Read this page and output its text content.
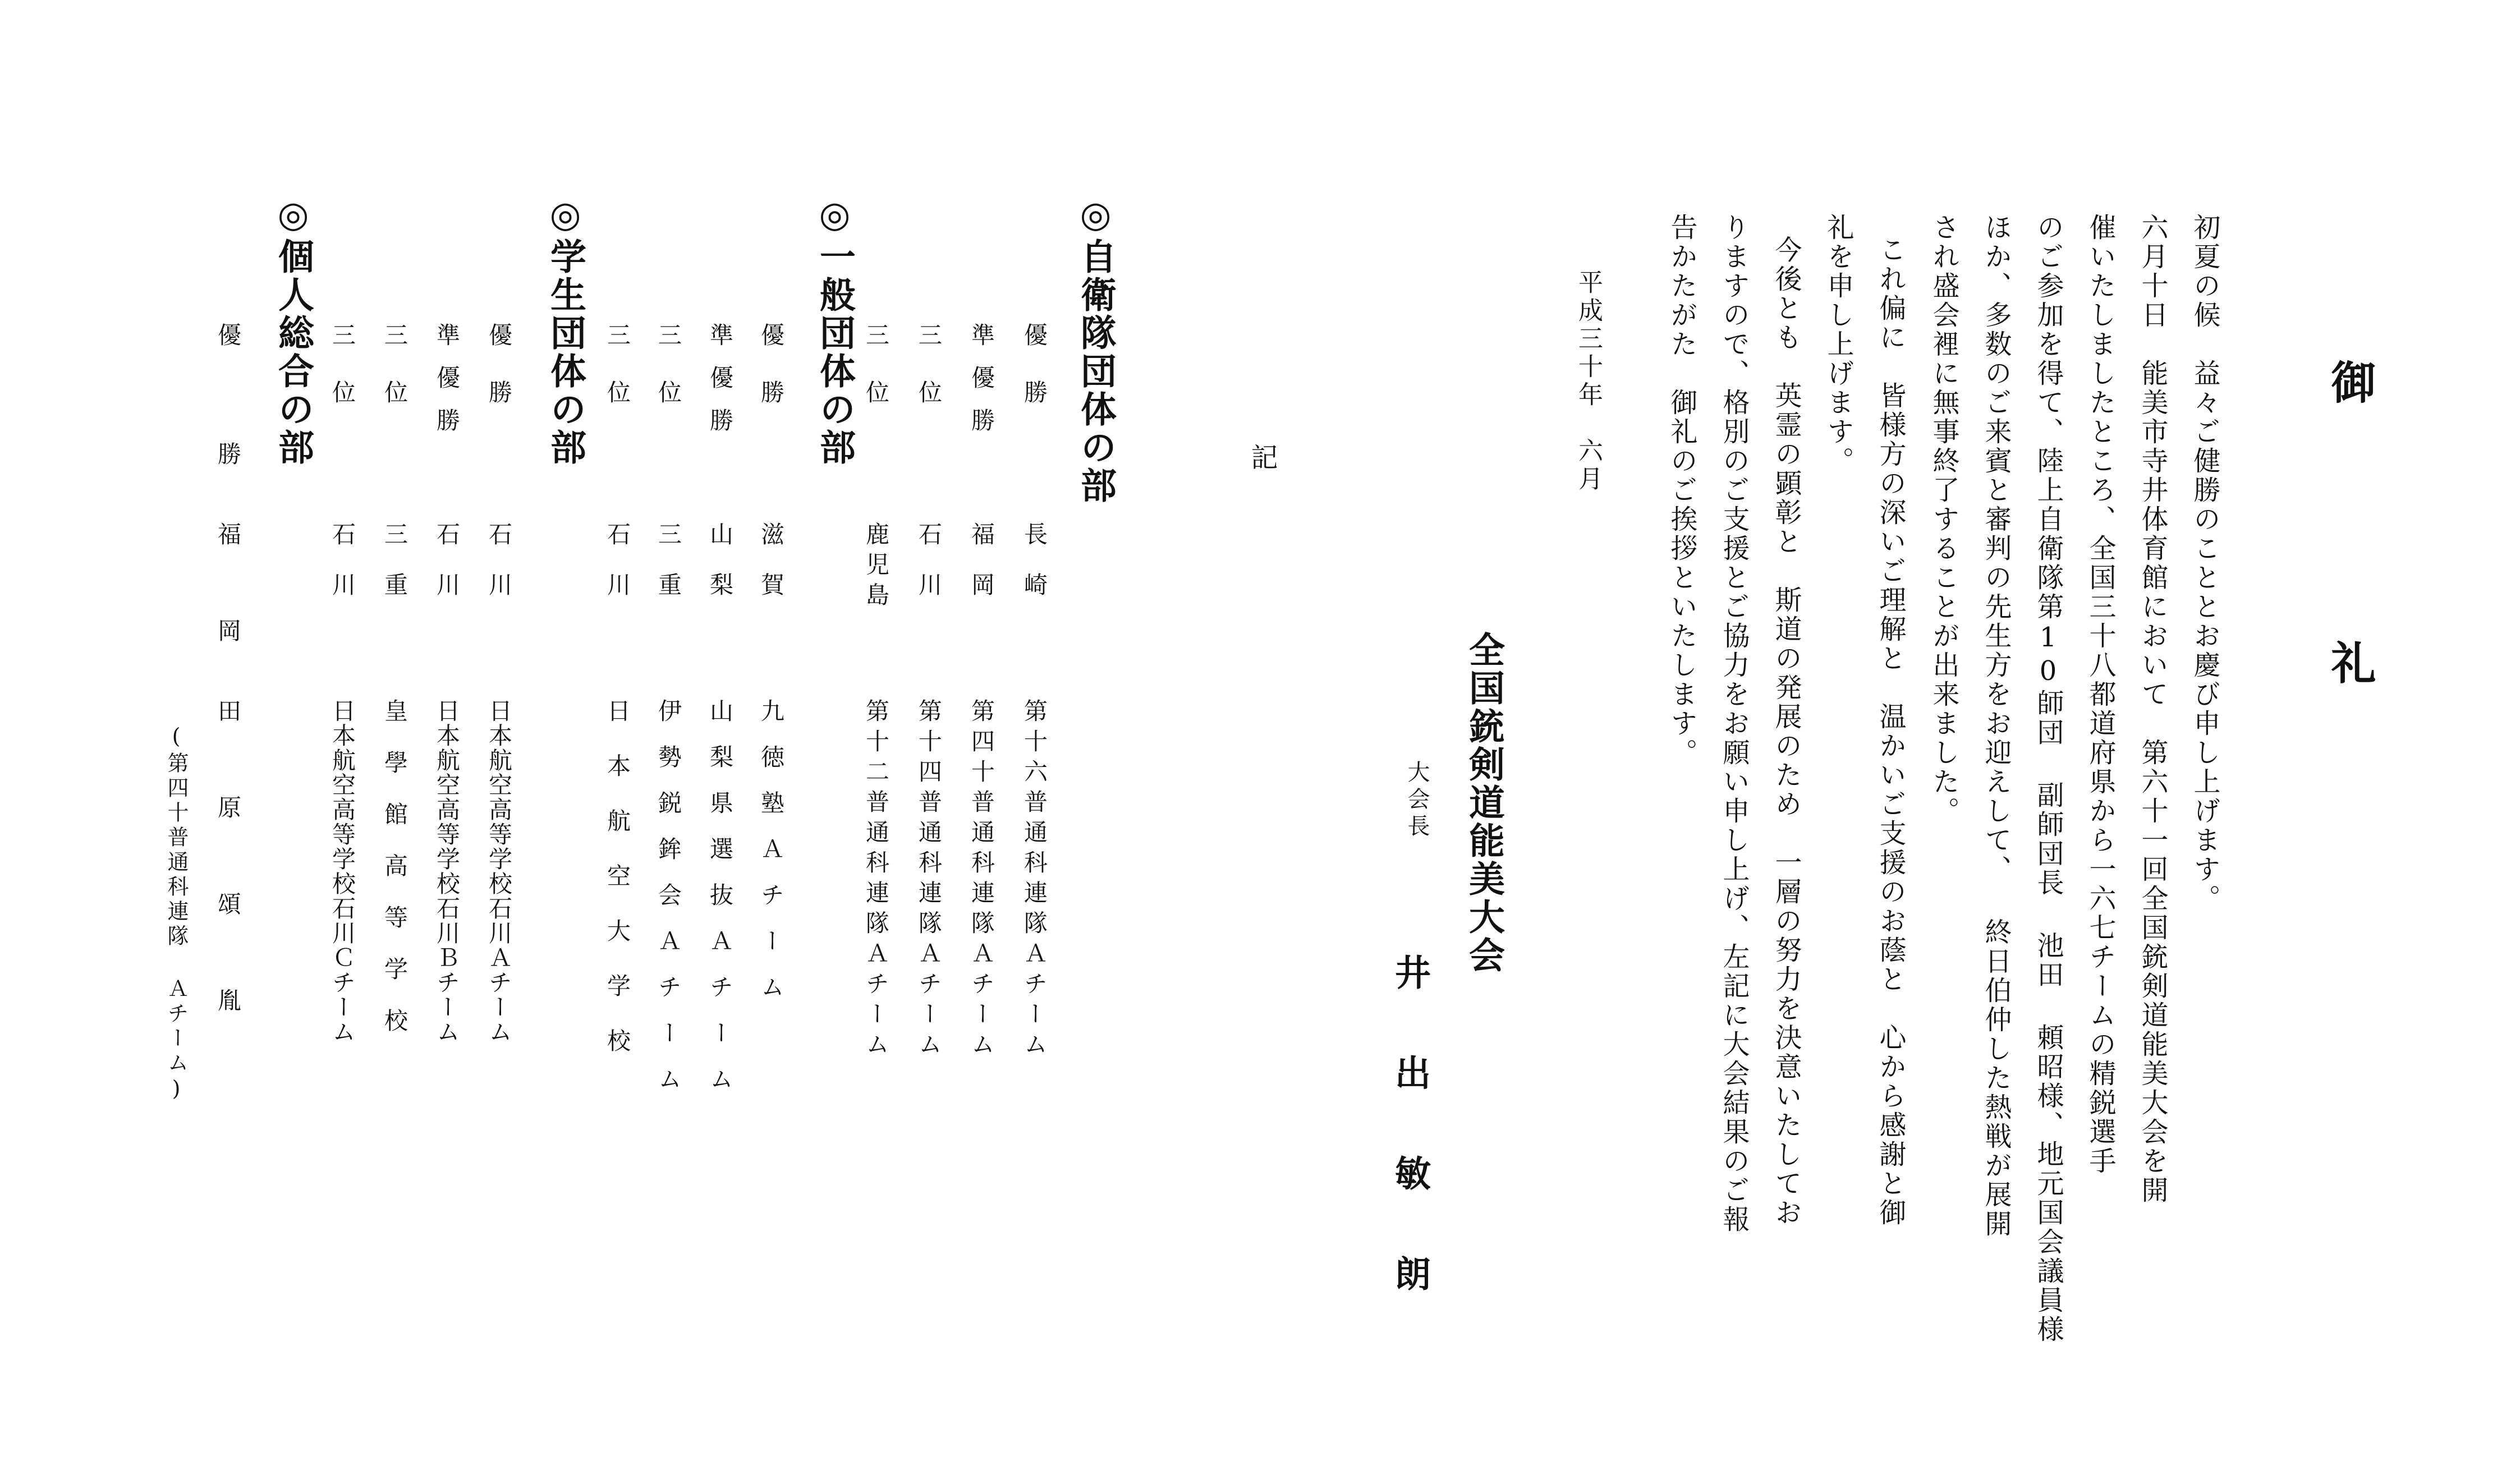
御　礼
初夏の候　益々ご健勝のこととお慶び申し上げます。
六月十日　能美市寺井体育館において　第六十一回全国銃剣道能美大会を開
催いたしましたところ、全国三十八都道府県から一六七チームの精鋭選手
のご参加を得て、陸上自衛隊第10師団 副師団長 池田 頼昭様、地元国会議員様
ほか、多数のご来賓と審判の先生方をお迎えして、 終日伯仲した熱戦が展開
され盛会裡に無事終了することが出来ました。
これ偏に　皆様方の深いご理解と　温かいご支援のお蔭と　心から感謝と御
礼を申し上げます。
今後とも　英霊の顕彰と　斯道の発展のため　一層の努力を決意いたしてお
りますので、格別のご支援とご協力をお願い申し上げ、左記に大会結果のご報
告かたがた　御礼のご挨拶といたします。
平成三十年　六月
全国銃剣道能美大会
大会長
井出敏朗
記
◎自衛隊団体の部
優勝
長崎
第十六普通科連隊Ａチーム
準優勝
福岡
第四十普通科連隊Ａチーム
三位
石川
第十四普通科連隊Ａチーム
三位
鹿児島
第十二普通科連隊Ａチーム
◎一般団体の部
優勝
滋賀
九徳塾Ａチーム
準優勝
山梨
山梨県選抜Ａチーム
三位
三重
伊勢鋭鉾会Ａチーム
三位
石川
日本航空大学校
◎学生団体の部
優勝
石川
日本航空高等学校石川Ａチーム
準優勝
石川
日本航空高等学校石川Ｂチーム
三位
三重
皇學館高等学校
三位
石川
日本航空高等学校石川Ｃチーム
◎個人総合の部
優勝
福岡
田原頌胤
(第四十普通科連隊 Ａチーム)
